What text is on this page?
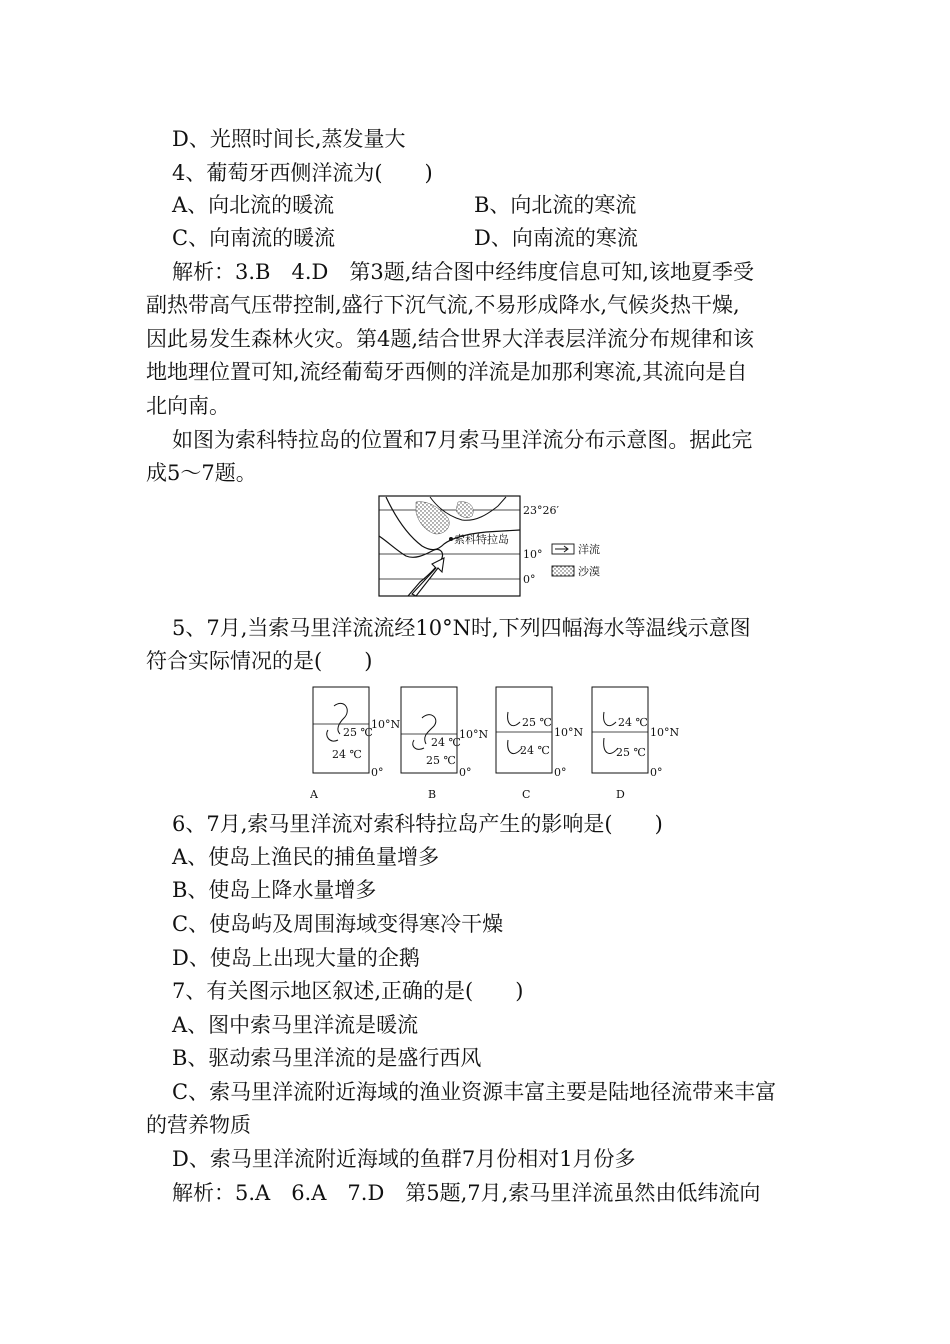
D、光照时间长,蒸发量大
4、葡萄牙西侧洋流为(　　)
A、向北流的暖流	B、向北流的寒流
C、向南流的暖流	D、向南流的寒流
解析：3.B　4.D　第3题,结合图中经纬度信息可知,该地夏季受
副热带高气压带控制,盛行下沉气流,不易形成降水,气候炎热干燥,
因此易发生森林火灾。第4题,结合世界大洋表层洋流分布规律和该
地地理位置可知,流经葡萄牙西侧的洋流是加那利寒流,其流向是自
北向南。
如图为索科特拉岛的位置和7月索马里洋流分布示意图。据此完
成5～7题。
索科特拉岛
23°26′
10°
0°
洋流
沙漠
5、7月,当索马里洋流流经10°N时,下列四幅海水等温线示意图
符合实际情况的是(　　)
25 ℃
24 ℃
10°N
0°
A
24 ℃
25 ℃
10°N
0°
B
25 ℃
24 ℃
10°N
0°
C
24 ℃
25 ℃
10°N
0°
D
6、7月,索马里洋流对索科特拉岛产生的影响是(　　)
A、使岛上渔民的捕鱼量增多
B、使岛上降水量增多
C、使岛屿及周围海域变得寒冷干燥
D、使岛上出现大量的企鹅
7、有关图示地区叙述,正确的是(　　)
A、图中索马里洋流是暖流
B、驱动索马里洋流的是盛行西风
C、索马里洋流附近海域的渔业资源丰富主要是陆地径流带来丰富
的营养物质
D、索马里洋流附近海域的鱼群7月份相对1月份多
解析：5.A　6.A　7.D　第5题,7月,索马里洋流虽然由低纬流向
